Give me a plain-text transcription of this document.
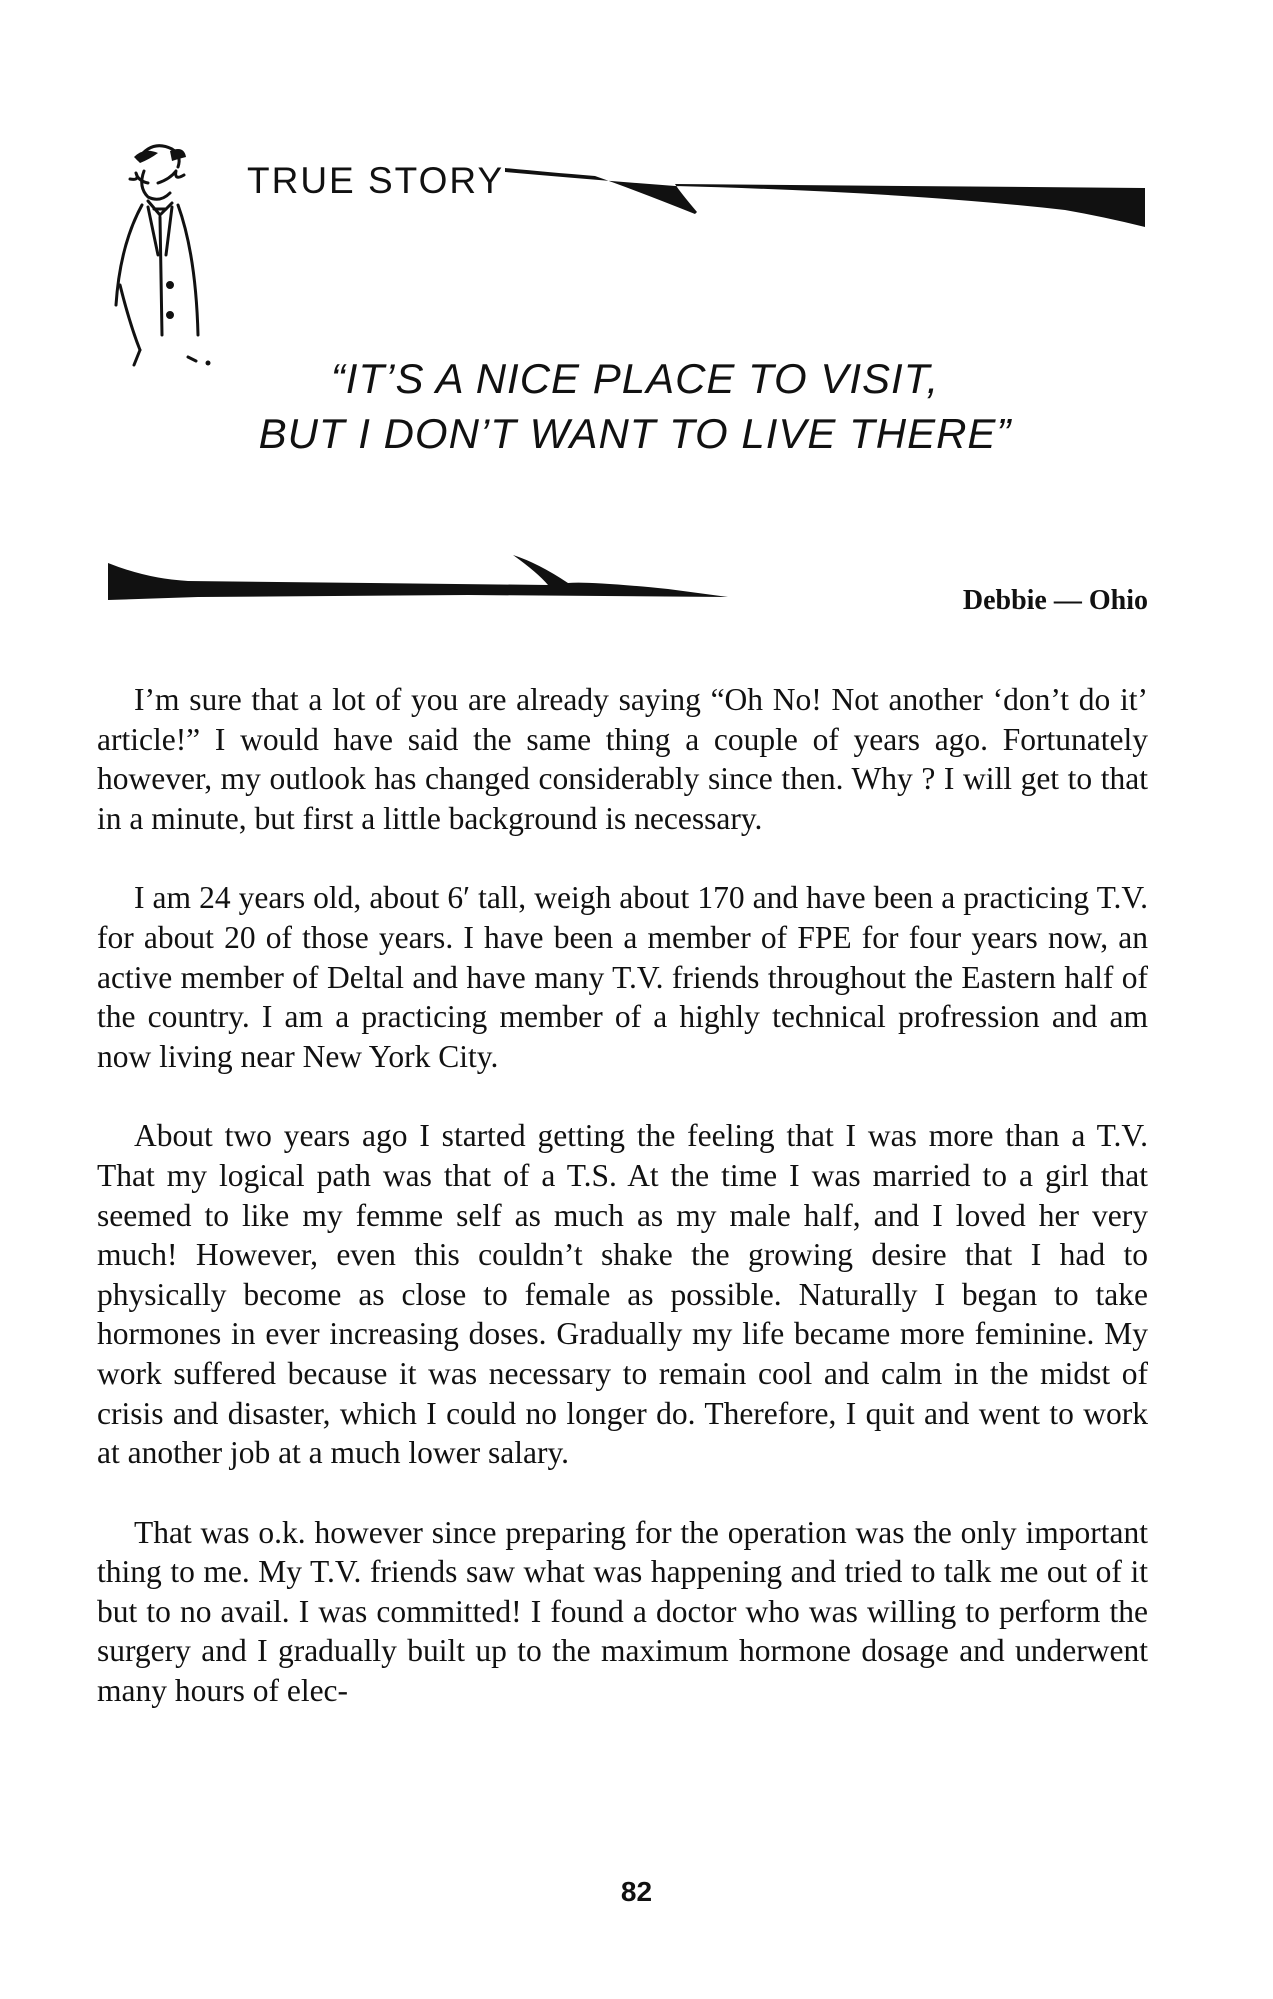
TRUE STORY
“IT’S A NICE PLACE TO VISIT,
BUT I DON’T WANT TO LIVE THERE”
Debbie — Ohio

I’m sure that a lot of you are already saying “Oh No! Not another ‘don’t do it’ article!” I would have said the same thing a couple of years ago. Fortunately however, my outlook has changed considerably since then. Why ? I will get to that in a minute, but first a little background is necessary.

I am 24 years old, about 6′ tall, weigh about 170 and have been a practicing T.V. for about 20 of those years. I have been a member of FPE for four years now, an active member of Deltal and have many T.V. friends throughout the Eastern half of the country. I am a practicing member of a highly technical profression and am now living near New York City.

About two years ago I started getting the feeling that I was more than a T.V. That my logical path was that of a T.S. At the time I was married to a girl that seemed to like my femme self as much as my male half, and I loved her very much! However, even this couldn’t shake the growing desire that I had to physically become as close to female as possible. Naturally I began to take hormones in ever increasing doses. Gradually my life became more feminine. My work suffered because it was necessary to remain cool and calm in the midst of crisis and disaster, which I could no longer do. Therefore, I quit and went to work at another job at a much lower salary.

That was o.k. however since preparing for the operation was the only important thing to me. My T.V. friends saw what was happening and tried to talk me out of it but to no avail. I was committed! I found a doctor who was willing to perform the surgery and I gradually built up to the maximum hormone dosage and underwent many hours of elec-

82
